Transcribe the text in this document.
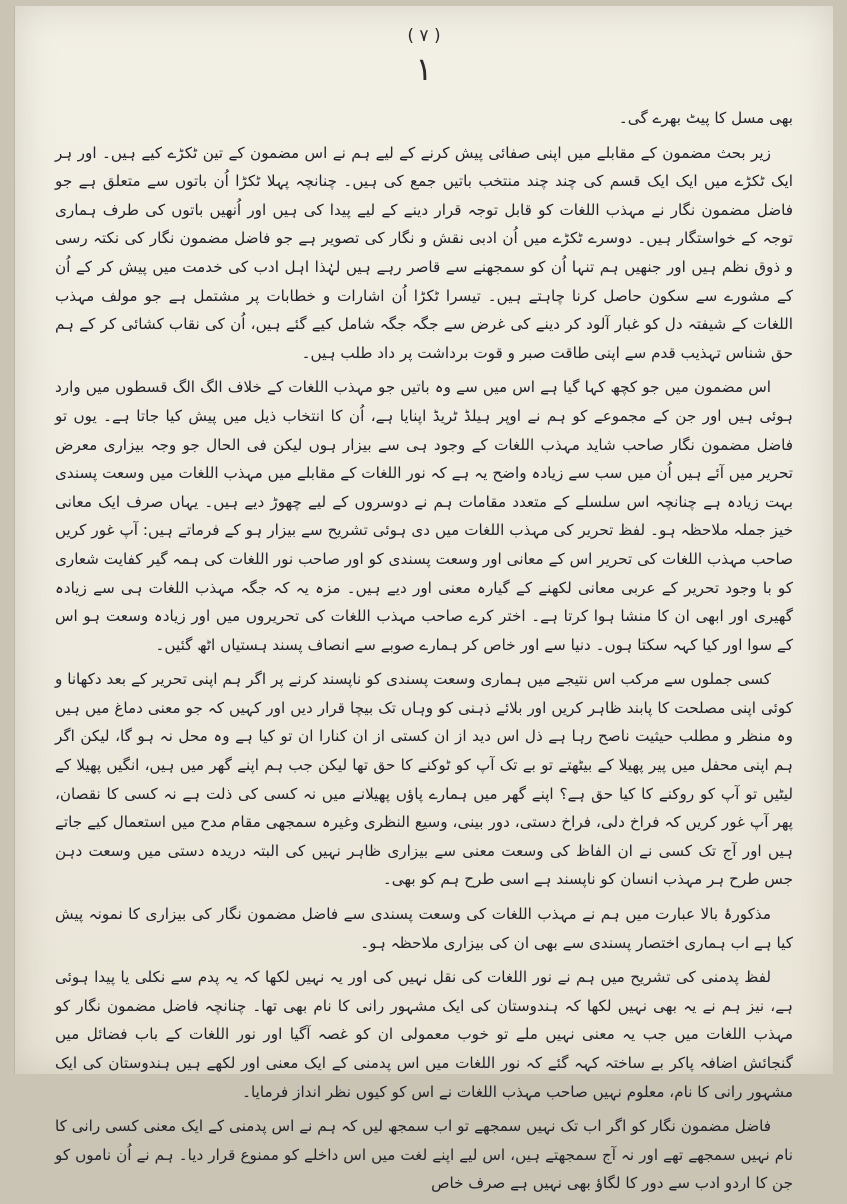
( ۷ )
۱

بھی مسل کا پیٹ بھرے گی۔

زیر بحث مضمون کے مقابلے میں اپنی صفائی پیش کرنے کے لیے ہم نے اس مضمون کے تین ٹکڑے کیے ہیں۔ اور ہر ایک ٹکڑے میں ایک ایک قسم کی چند چند منتخب باتیں جمع کی ہیں۔ چنانچہ پہلا ٹکڑا اُن باتوں سے متعلق ہے جو فاضل مضمون نگار نے مہذب اللغات کو قابل توجہ قرار دینے کے لیے پیدا کی ہیں اور اُنھیں باتوں کی طرف ہماری توجہ کے خواستگار ہیں۔ دوسرے ٹکڑے میں اُن ادبی نقش و نگار کی تصویر ہے جو فاضل مضمون نگار کی نکتہ رسی و ذوق نظم ہیں اور جنھیں ہم تنہا اُن کو سمجھنے سے قاصر رہے ہیں لہٰذا اہل ادب کی خدمت میں پیش کر کے اُن کے مشورے سے سکون حاصل کرنا چاہتے ہیں۔ تیسرا ٹکڑا اُن اشارات و خطابات پر مشتمل ہے جو مولف مہذب اللغات کے شیفتہ دل کو غبار آلود کر دینے کی غرض سے جگہ جگہ شامل کیے گئے ہیں، اُن کی نقاب کشائی کر کے ہم حق شناس تہذیب قدم سے اپنی طاقت صبر و قوت برداشت پر داد طلب ہیں۔

اس مضمون میں جو کچھ کہا گیا ہے اس میں سے وہ باتیں جو مہذب اللغات کے خلاف الگ الگ قسطوں میں وارد ہوئی ہیں اور جن کے مجموعے کو ہم نے اوپر ہیلڈ ٹریڈ اپنایا ہے، اُن کا انتخاب ذیل میں پیش کیا جاتا ہے۔ یوں تو فاضل مضمون نگار صاحب شاید مہذب اللغات کے وجود ہی سے بیزار ہوں لیکن فی الحال جو وجہ بیزاری معرض تحریر میں آئے ہیں اُن میں سب سے زیادہ واضح یہ ہے کہ نور اللغات کے مقابلے میں مہذب اللغات میں وسعت پسندی بہت زیادہ ہے چنانچہ اس سلسلے کے متعدد مقامات ہم نے دوسروں کے لیے چھوڑ دیے ہیں۔ یہاں صرف ایک معانی خیز جملہ ملاحظہ ہو۔ لفظ تحریر کی مہذب اللغات میں دی ہوئی تشریح سے بیزار ہو کے فرماتے ہیں: آپ غور کریں صاحب مہذب اللغات کی تحریر اس کے معانی اور وسعت پسندی کو اور صاحب نور اللغات کی ہمہ گیر کفایت شعاری کو با وجود تحریر کے عربی معانی لکھنے کے گیارہ معنی اور دیے ہیں۔ مزہ یہ کہ جگہ مہذب اللغات ہی سے زیادہ گھیری اور ابھی ان کا منشا ہوا کرتا ہے۔ اختر کرے صاحب مہذب اللغات کی تحریروں میں اور زیادہ وسعت ہو اس کے سوا اور کیا کہہ سکتا ہوں۔ دنیا سے اور خاص کر ہمارے صوبے سے انصاف پسند ہستیاں اٹھ گئیں۔

کسی جملوں سے مرکب اس نتیجے میں ہماری وسعت پسندی کو ناپسند کرنے پر اگر ہم اپنی تحریر کے بعد دکھانا و کوئی اپنی مصلحت کا پابند ظاہر کریں اور بلائے ذہنی کو وہاں تک بیچا قرار دیں اور کہیں کہ جو معنی دماغ میں ہیں وہ منظر و مطلب حیثیت ناصح رہا ہے ذل اس دید از ان کستی از ان کنارا ان تو کیا ہے وہ محل نہ ہو گا، لیکن اگر ہم اپنی محفل میں پیر پھیلا کے بیٹھتے تو بے تک آپ کو ٹوکنے کا حق تھا لیکن جب ہم اپنے گھر میں ہیں، انگیں پھیلا کے لیٹیں تو آپ کو روکنے کا کیا حق ہے؟ اپنے گھر میں ہمارے پاؤں پھیلانے میں نہ کسی کی ذلت ہے نہ کسی کا نقصان، پھر آپ غور کریں کہ فراخ دلی، فراخ دستی، دور بینی، وسیع النظری وغیرہ سمجھی مقام مدح میں استعمال کیے جاتے ہیں اور آج تک کسی نے ان الفاظ کی وسعت معنی سے بیزاری ظاہر نہیں کی البتہ دریدہ دستی میں وسعت دہن جس طرح ہر مہذب انسان کو ناپسند ہے اسی طرح ہم کو بھی۔

مذکورۂ بالا عبارت میں ہم نے مہذب اللغات کی وسعت پسندی سے فاضل مضمون نگار کی بیزاری کا نمونہ پیش کیا ہے اب ہماری اختصار پسندی سے بھی ان کی بیزاری ملاحظہ ہو۔

لفظ پدمنی کی تشریح میں ہم نے نور اللغات کی نقل نہیں کی اور یہ نہیں لکھا کہ یہ پدم سے نکلی یا پیدا ہوئی ہے، نیز ہم نے یہ بھی نہیں لکھا کہ ہندوستان کی ایک مشہور رانی کا نام بھی تھا۔ چنانچہ فاضل مضمون نگار کو مہذب اللغات میں جب یہ معنی نہیں ملے تو خوب معمولی ان کو غصہ آگیا اور نور اللغات کے باب فضائل میں گنجائش اضافہ پاکر بے ساختہ کہہ گئے کہ نور اللغات میں اس پدمنی کے ایک معنی اور لکھے ہیں ہندوستان کی ایک مشہور رانی کا نام، معلوم نہیں صاحب مہذب اللغات نے اس کو کیوں نظر انداز فرمایا۔

فاضل مضمون نگار کو اگر اب تک نہیں سمجھے تو اب سمجھ لیں کہ ہم نے اس پدمنی کے ایک معنی کسی رانی کا نام نہیں سمجھے تھے اور نہ آج سمجھتے ہیں، اس لیے اپنے لغت میں اس داخلے کو ممنوع قرار دیا۔ ہم نے اُن ناموں کو جن کا اردو ادب سے دور کا لگاؤ بھی نہیں ہے صرف خاص
